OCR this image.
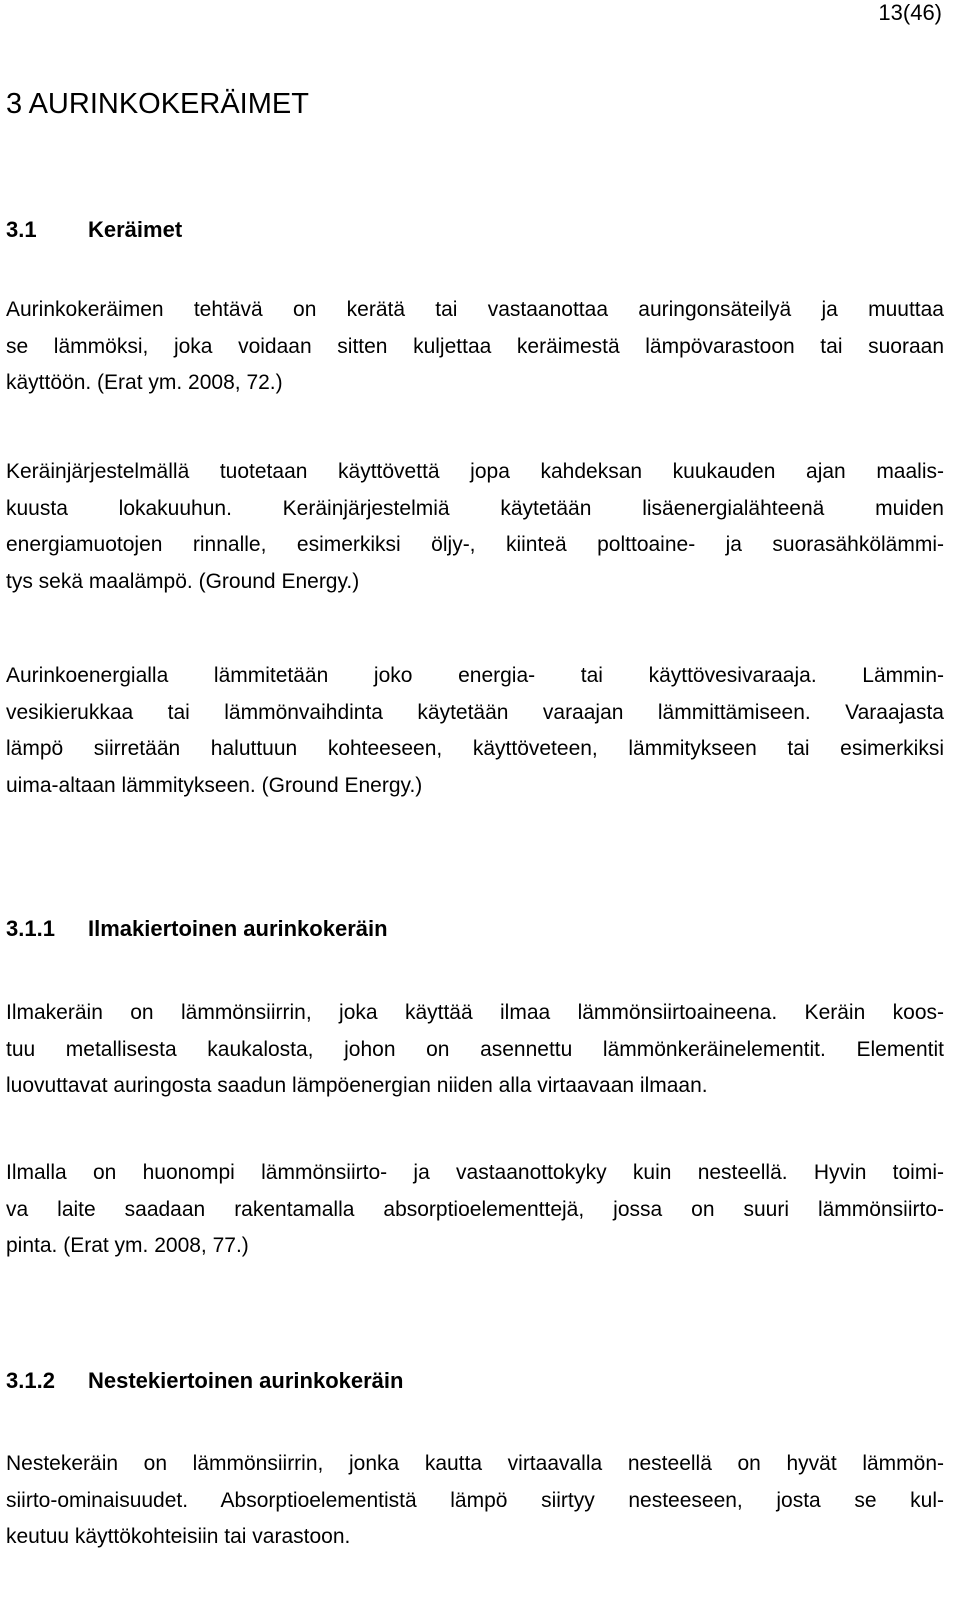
13(46)
3 AURINKOKERÄIMET
3.1 Keräimet

Aurinkokeräimen tehtävä on kerätä tai vastaanottaa auringonsäteilyä ja muuttaa
se lämmöksi, joka voidaan sitten kuljettaa keräimestä lämpövarastoon tai suoraan
käyttöön. (Erat ym. 2008, 72.)

Keräinjärjestelmällä tuotetaan käyttövettä jopa kahdeksan kuukauden ajan maalis-
kuusta lokakuuhun. Keräinjärjestelmiä käytetään lisäenergialähteenä muiden
energiamuotojen rinnalle, esimerkiksi öljy-, kiinteä polttoaine- ja suorasähkölämmi-
tys sekä maalämpö. (Ground Energy.)

Aurinkoenergialla lämmitetään joko energia- tai käyttövesivaraaja. Lämmin-
vesikierukkaa tai lämmönvaihdinta käytetään varaajan lämmittämiseen. Varaajasta
lämpö siirretään haluttuun kohteeseen, käyttöveteen, lämmitykseen tai esimerkiksi
uima-altaan lämmitykseen. (Ground Energy.)

3.1.1 Ilmakiertoinen aurinkokeräin

Ilmakeräin on lämmönsiirrin, joka käyttää ilmaa lämmönsiirtoaineena. Keräin koos-
tuu metallisesta kaukalosta, johon on asennettu lämmönkeräinelementit. Elementit
luovuttavat auringosta saadun lämpöenergian niiden alla virtaavaan ilmaan.

Ilmalla on huonompi lämmönsiirto- ja vastaanottokyky kuin nesteellä. Hyvin toimi-
va laite saadaan rakentamalla absorptioelementtejä, jossa on suuri lämmönsiirto-
pinta. (Erat ym. 2008, 77.)

3.1.2 Nestekiertoinen aurinkokeräin

Nestekeräin on lämmönsiirrin, jonka kautta virtaavalla nesteellä on hyvät lämmön-
siirto-ominaisuudet. Absorptioelementistä lämpö siirtyy nesteeseen, josta se kul-
keutuu käyttökohteisiin tai varastoon.
